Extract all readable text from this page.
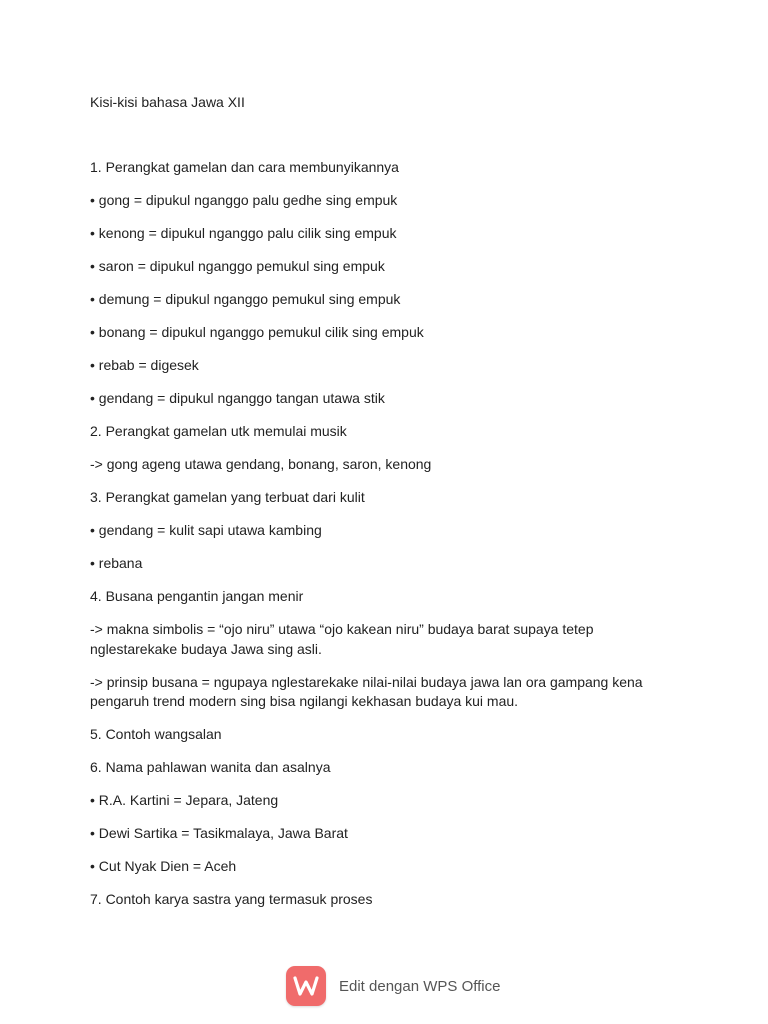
Kisi-kisi bahasa Jawa XII

1. Perangkat gamelan dan cara membunyikannya

• gong = dipukul nganggo palu gedhe sing empuk

• kenong = dipukul nganggo palu cilik sing empuk

• saron = dipukul nganggo pemukul sing empuk

• demung = dipukul nganggo pemukul sing empuk

• bonang = dipukul nganggo pemukul cilik sing empuk

• rebab = digesek

• gendang = dipukul nganggo tangan utawa stik

2. Perangkat gamelan utk memulai musik

-> gong ageng utawa gendang, bonang, saron, kenong

3. Perangkat gamelan yang terbuat dari kulit

• gendang = kulit sapi utawa kambing

• rebana

4. Busana pengantin jangan menir

-> makna simbolis = “ojo niru” utawa “ojo kakean niru” budaya barat supaya tetep nglestarekake budaya Jawa sing asli.

-> prinsip busana = ngupaya nglestarekake nilai-nilai budaya jawa lan ora gampang kena pengaruh trend modern sing bisa ngilangi kekhasan budaya kui mau.

5. Contoh wangsalan

6. Nama pahlawan wanita dan asalnya

• R.A. Kartini = Jepara, Jateng

• Dewi Sartika = Tasikmalaya, Jawa Barat

• Cut Nyak Dien = Aceh

7. Contoh karya sastra yang termasuk proses

Edit dengan WPS Office
